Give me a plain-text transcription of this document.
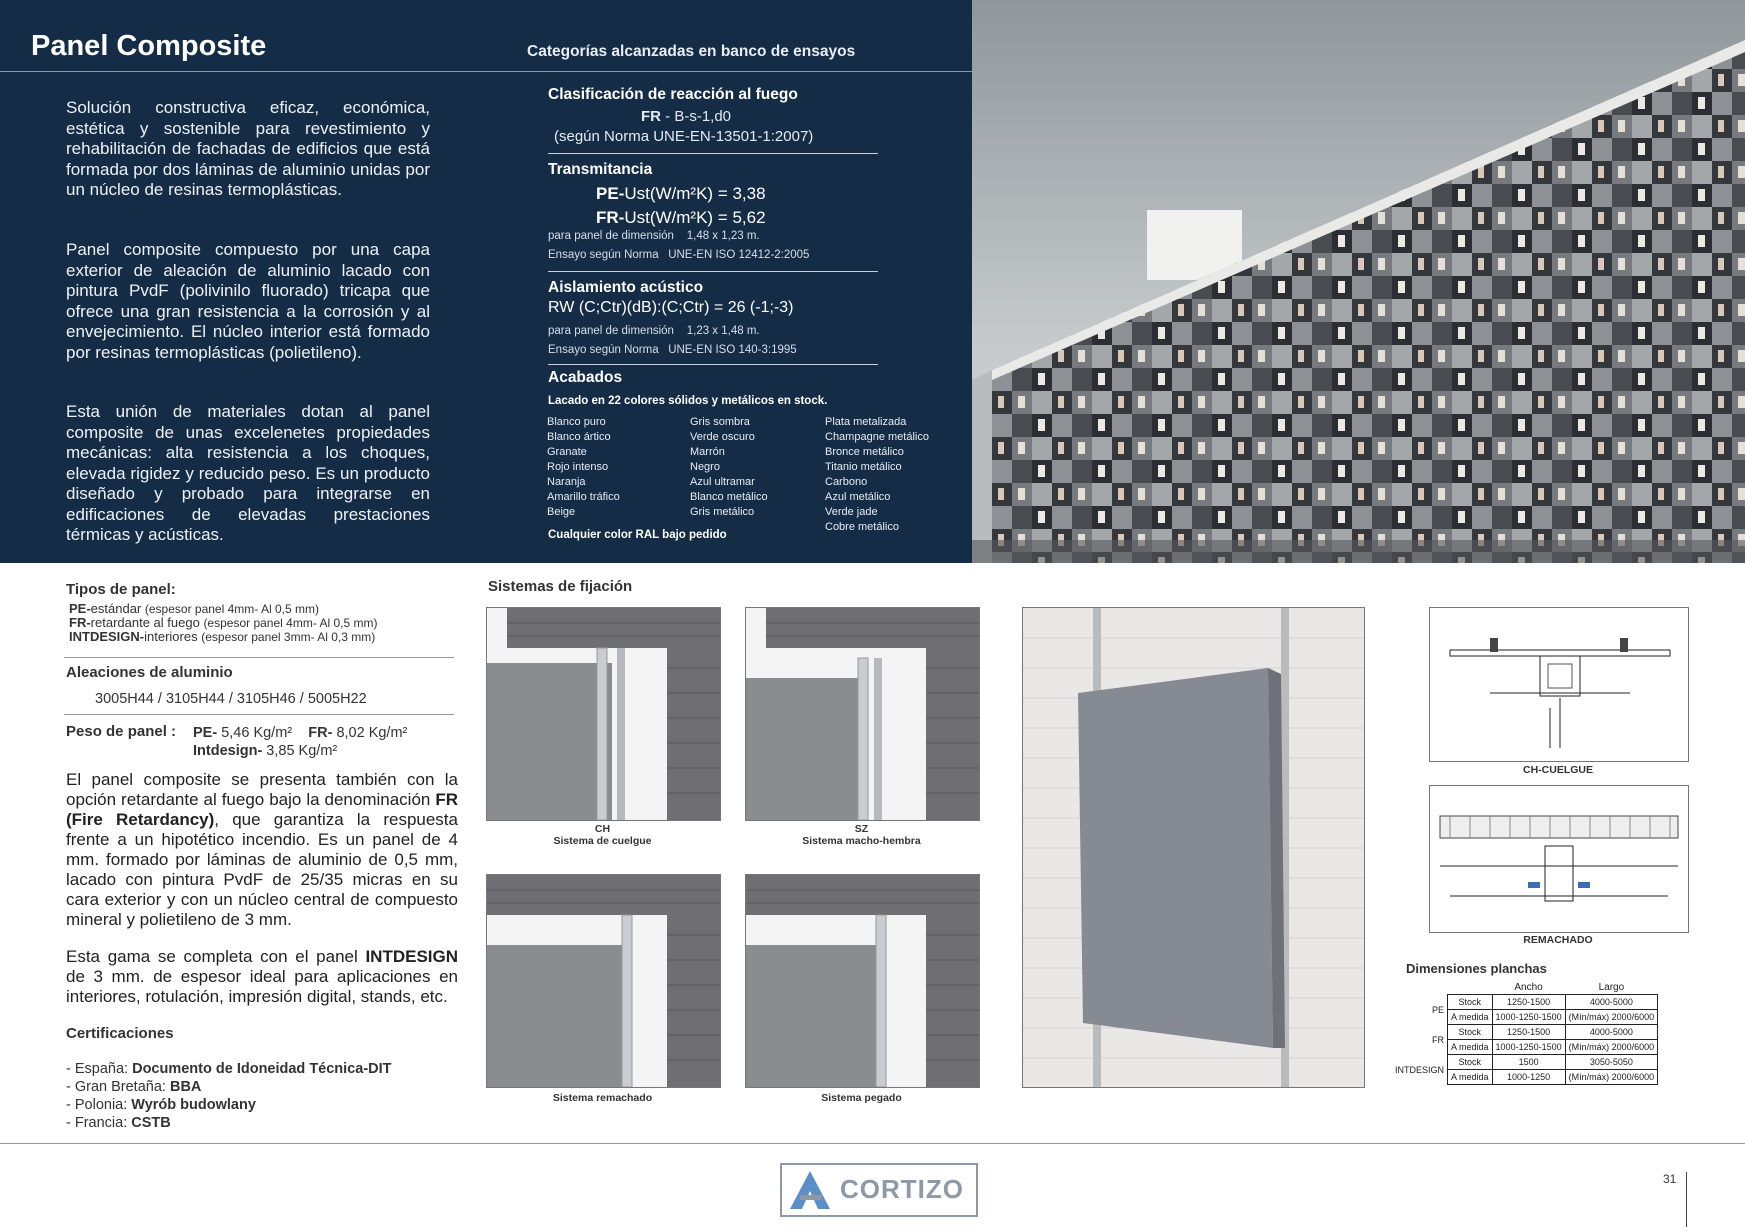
Panel Composite	Categorías alcanzadas en banco de ensayos

Solución constructiva eficaz, económica, estética y sostenible para revestimiento y rehabilitación de fachadas de edificios que está formada por dos láminas de aluminio unidas por un núcleo de resinas termoplásticas.

Panel composite compuesto por una capa exterior de aleación de aluminio lacado con pintura PvdF (polivinilo fluorado) tricapa que ofrece una gran resistencia a la corrosión y al envejecimiento. El núcleo interior está formado por resinas termoplásticas (polietileno).

Esta unión de materiales dotan al panel composite de unas excelenetes propiedades mecánicas: alta resistencia a los choques, elevada rigidez y reducido peso. Es un producto diseñado y probado para integrarse en edificaciones de elevadas prestaciones térmicas y acústicas.

Clasificación de reacción al fuego
FR - B-s-1,d0
(según Norma UNE-EN-13501-1:2007)
Transmitancia
PE-Ust(W/m²K) = 3,38
FR-Ust(W/m²K) = 5,62
para panel de dimensión 1,48 x 1,23 m.
Ensayo según Norma UNE-EN ISO 12412-2:2005
Aislamiento acústico
RW (C;Ctr)(dB):(C;Ctr) = 26 (-1;-3)
para panel de dimensión 1,23 x 1,48 m.
Ensayo según Norma UNE-EN ISO 140-3:1995
Acabados
Lacado en 22 colores sólidos y metálicos en stock.
Blanco puro
Blanco ártico
Granate
Rojo intenso
Naranja
Amarillo tráfico
Beige
Gris sombra
Verde oscuro
Marrón
Negro
Azul ultramar
Blanco metálico
Gris metálico
Plata metalizada
Champagne metálico
Bronce metálico
Titanio metálico
Carbono
Azul metálico
Verde jade
Cobre metálico
Cualquier color RAL bajo pedido
Tipos de panel:
PE-estándar (espesor panel 4mm- Al 0,5 mm)
FR-retardante al fuego (espesor panel 4mm- Al 0,5 mm)
INTDESIGN-interiores (espesor panel 3mm- Al 0,3 mm)
Aleaciones de aluminio
3005H44 / 3105H44 / 3105H46 / 5005H22
Peso de panel : PE- 5,46 Kg/m² FR- 8,02 Kg/m²
Intdesign- 3,85 Kg/m²

El panel composite se presenta también con la opción retardante al fuego bajo la denominación FR (Fire Retardancy), que garantiza la respuesta frente a un hipotético incendio. Es un panel de 4 mm. formado por láminas de aluminio de 0,5 mm, lacado con pintura PvdF de 25/35 micras en su cara exterior y con un núcleo central de compuesto mineral y polietileno de 3 mm.

Esta gama se completa con el panel INTDESIGN de 3 mm. de espesor ideal para aplicaciones en interiores, rotulación, impresión digital, stands, etc.

Certificaciones
- España: Documento de Idoneidad Técnica-DIT
- Gran Bretaña: BBA
- Polonia: Wyrób budowlany
- Francia: CSTB
Sistemas de fijación
CH
Sistema de cuelgue
SZ
Sistema macho-hembra
Sistema remachado	Sistema pegado
CH-CUELGUE
REMACHADO
Dimensiones planchas
		Ancho	Largo
PE	Stock	1250-1500	4000-5000
	A medida	1000-1250-1500	(Mín/máx) 2000/6000
FR	Stock	1250-1500	4000-5000
	A medida	1000-1250-1500	(Mín/máx) 2000/6000
INTDESIGN	Stock	1500	3050-5050
	A medida	1000-1250	(Mín/máx) 2000/6000
CORTIZO	31
